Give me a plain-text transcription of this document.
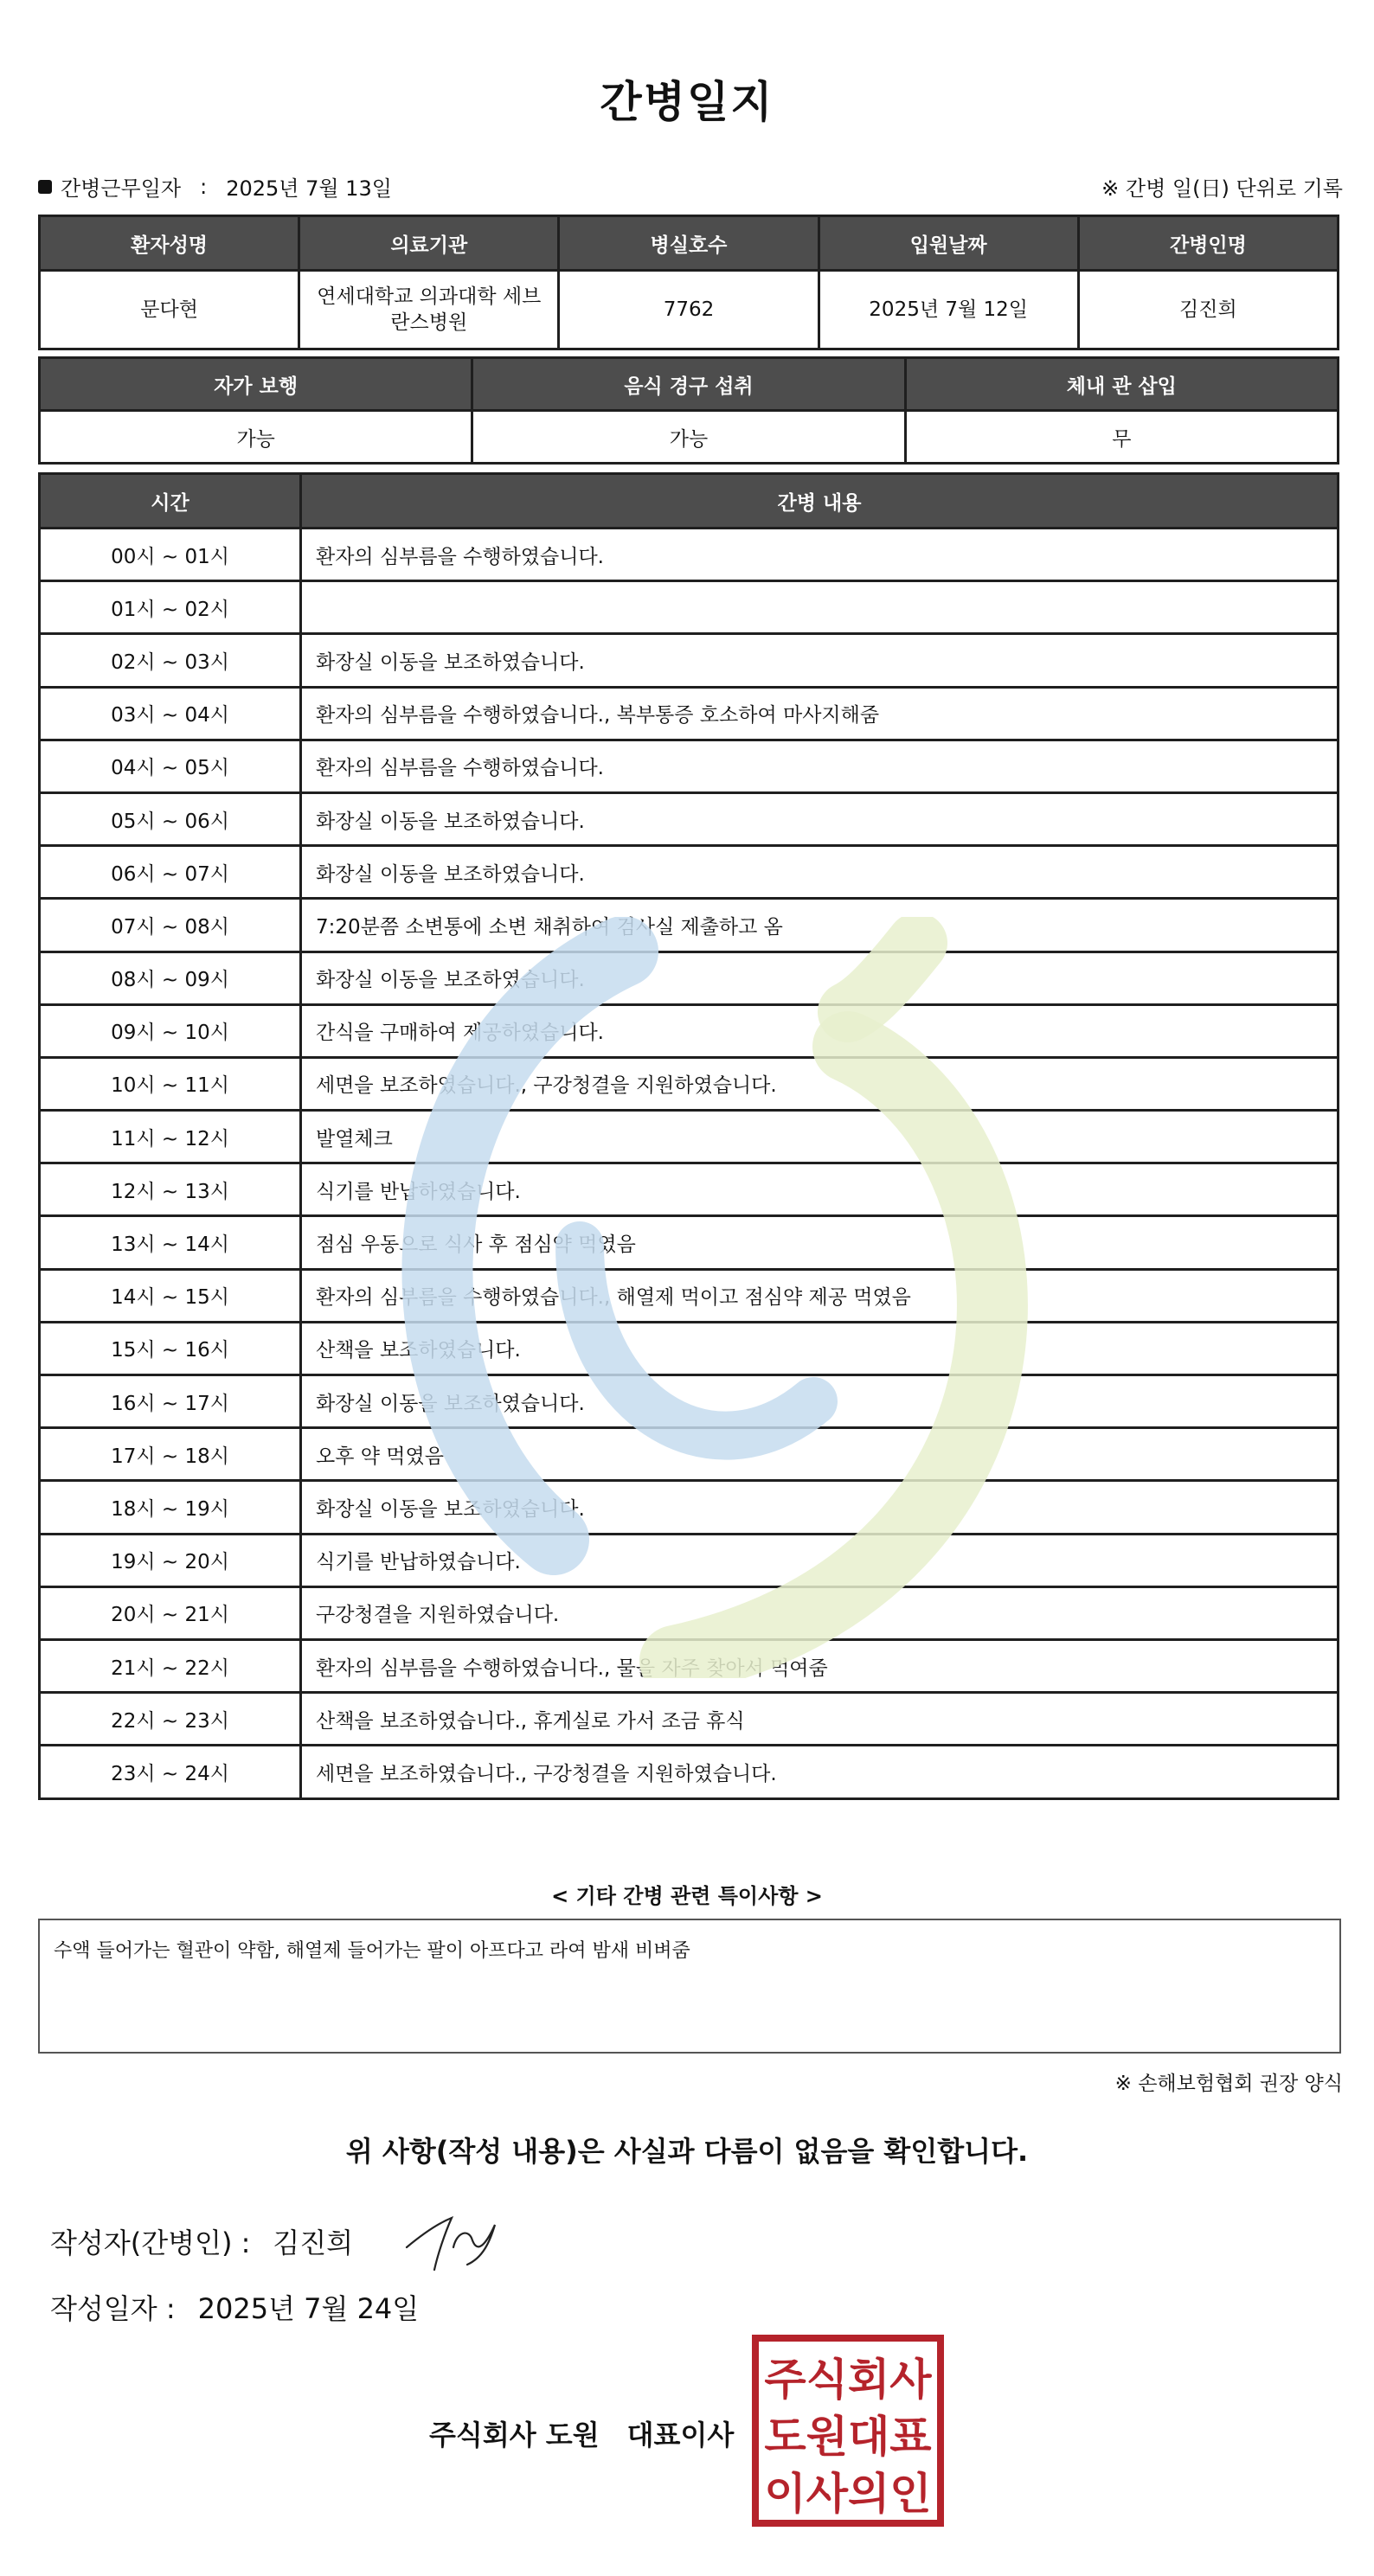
간병일지
간병근무일자 : 2025년 7월 13일	※ 간병 일(日) 단위로 기록
환자성명	의료기관	병실호수	입원날짜	간병인명
문다현	연세대학교 의과대학 세브란스병원	7762	2025년 7월 12일	김진희
자가 보행	음식 경구 섭취	체내 관 삽입
가능	가능	무
시간	간병 내용
00시 ~ 01시	환자의 심부름을 수행하였습니다.
01시 ~ 02시	
02시 ~ 03시	화장실 이동을 보조하였습니다.
03시 ~ 04시	환자의 심부름을 수행하였습니다., 복부통증 호소하여 마사지해줌
04시 ~ 05시	환자의 심부름을 수행하였습니다.
05시 ~ 06시	화장실 이동을 보조하였습니다.
06시 ~ 07시	화장실 이동을 보조하였습니다.
07시 ~ 08시	7:20분쯤 소변통에 소변 채취하여 검사실 제출하고 옴
08시 ~ 09시	화장실 이동을 보조하였습니다.
09시 ~ 10시	간식을 구매하여 제공하였습니다.
10시 ~ 11시	세면을 보조하였습니다., 구강청결을 지원하였습니다.
11시 ~ 12시	발열체크
12시 ~ 13시	식기를 반납하였습니다.
13시 ~ 14시	점심 우동으로 식사 후 점심약 먹였음
14시 ~ 15시	환자의 심부름을 수행하였습니다., 해열제 먹이고 점심약 제공 먹였음
15시 ~ 16시	산책을 보조하였습니다.
16시 ~ 17시	화장실 이동을 보조하였습니다.
17시 ~ 18시	오후 약 먹였음
18시 ~ 19시	화장실 이동을 보조하였습니다.
19시 ~ 20시	식기를 반납하였습니다.
20시 ~ 21시	구강청결을 지원하였습니다.
21시 ~ 22시	환자의 심부름을 수행하였습니다., 물을 자주 찾아서 먹여줌
22시 ~ 23시	산책을 보조하였습니다., 휴게실로 가서 조금 휴식
23시 ~ 24시	세면을 보조하였습니다., 구강청결을 지원하였습니다.
< 기타 간병 관련 특이사항 >
수액 들어가는 혈관이 약함, 해열제 들어가는 팔이 아프다고 라여 밤새 비벼줌
※ 손해보험협회 권장 양식
위 사항(작성 내용)은 사실과 다름이 없음을 확인합니다.
작성자(간병인) : 김진희
작성일자 : 2025년 7월 24일
주식회사 도원 대표이사
주식회사
도원대표
이사의인
